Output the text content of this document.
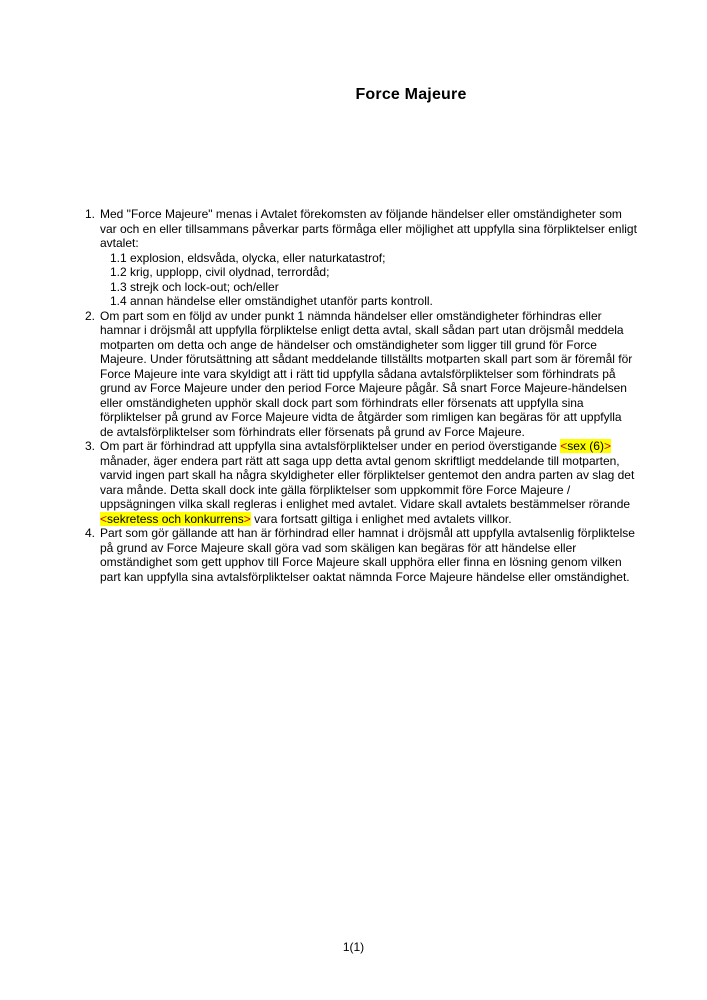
Force Majeure
1. Med "Force Majeure" menas i Avtalet förekomsten av följande händelser eller omständigheter som var och en eller tillsammans påverkar parts förmåga eller möjlighet att uppfylla sina förpliktelser enligt avtalet:
1.1 explosion, eldsvåda, olycka, eller naturkatastrof;
1.2 krig, upplopp, civil olydnad, terrordåd;
1.3 strejk och lock-out; och/eller
1.4 annan händelse eller omständighet utanför parts kontroll.
2. Om part som en följd av under punkt 1 nämnda händelser eller omständigheter förhindras eller hamnar i dröjsmål att uppfylla förpliktelse enligt detta avtal, skall sådan part utan dröjsmål meddela motparten om detta och ange de händelser och omständigheter som ligger till grund för Force Majeure. Under förutsättning att sådant meddelande tillställts motparten skall part som är föremål för Force Majeure inte vara skyldigt att i rätt tid uppfylla sådana avtalsförpliktelser som förhindrats på grund av Force Majeure under den period Force Majeure pågår. Så snart Force Majeure-händelsen eller omständigheten upphör skall dock part som förhindrats eller försenats att uppfylla sina förpliktelser på grund av Force Majeure vidta de åtgärder som rimligen kan begäras för att uppfylla de avtalsförpliktelser som förhindrats eller försenats på grund av Force Majeure.
3. Om part är förhindrad att uppfylla sina avtalsförpliktelser under en period överstigande <sex (6)> månader, äger endera part rätt att saga upp detta avtal genom skriftligt meddelande till motparten, varvid ingen part skall ha några skyldigheter eller förpliktelser gentemot den andra parten av slag det vara månde. Detta skall dock inte gälla förpliktelser som uppkommit före Force Majeure / uppsägningen vilka skall regleras i enlighet med avtalet. Vidare skall avtalets bestämmelser rörande <sekretess och konkurrens> vara fortsatt giltiga i enlighet med avtalets villkor.
4. Part som gör gällande att han är förhindrad eller hamnat i dröjsmål att uppfylla avtalsenlig förpliktelse på grund av Force Majeure skall göra vad som skäligen kan begäras för att händelse eller omständighet som gett upphov till Force Majeure skall upphöra eller finna en lösning genom vilken part kan uppfylla sina avtalsförpliktelser oaktat nämnda Force Majeure händelse eller omständighet.
1(1)
